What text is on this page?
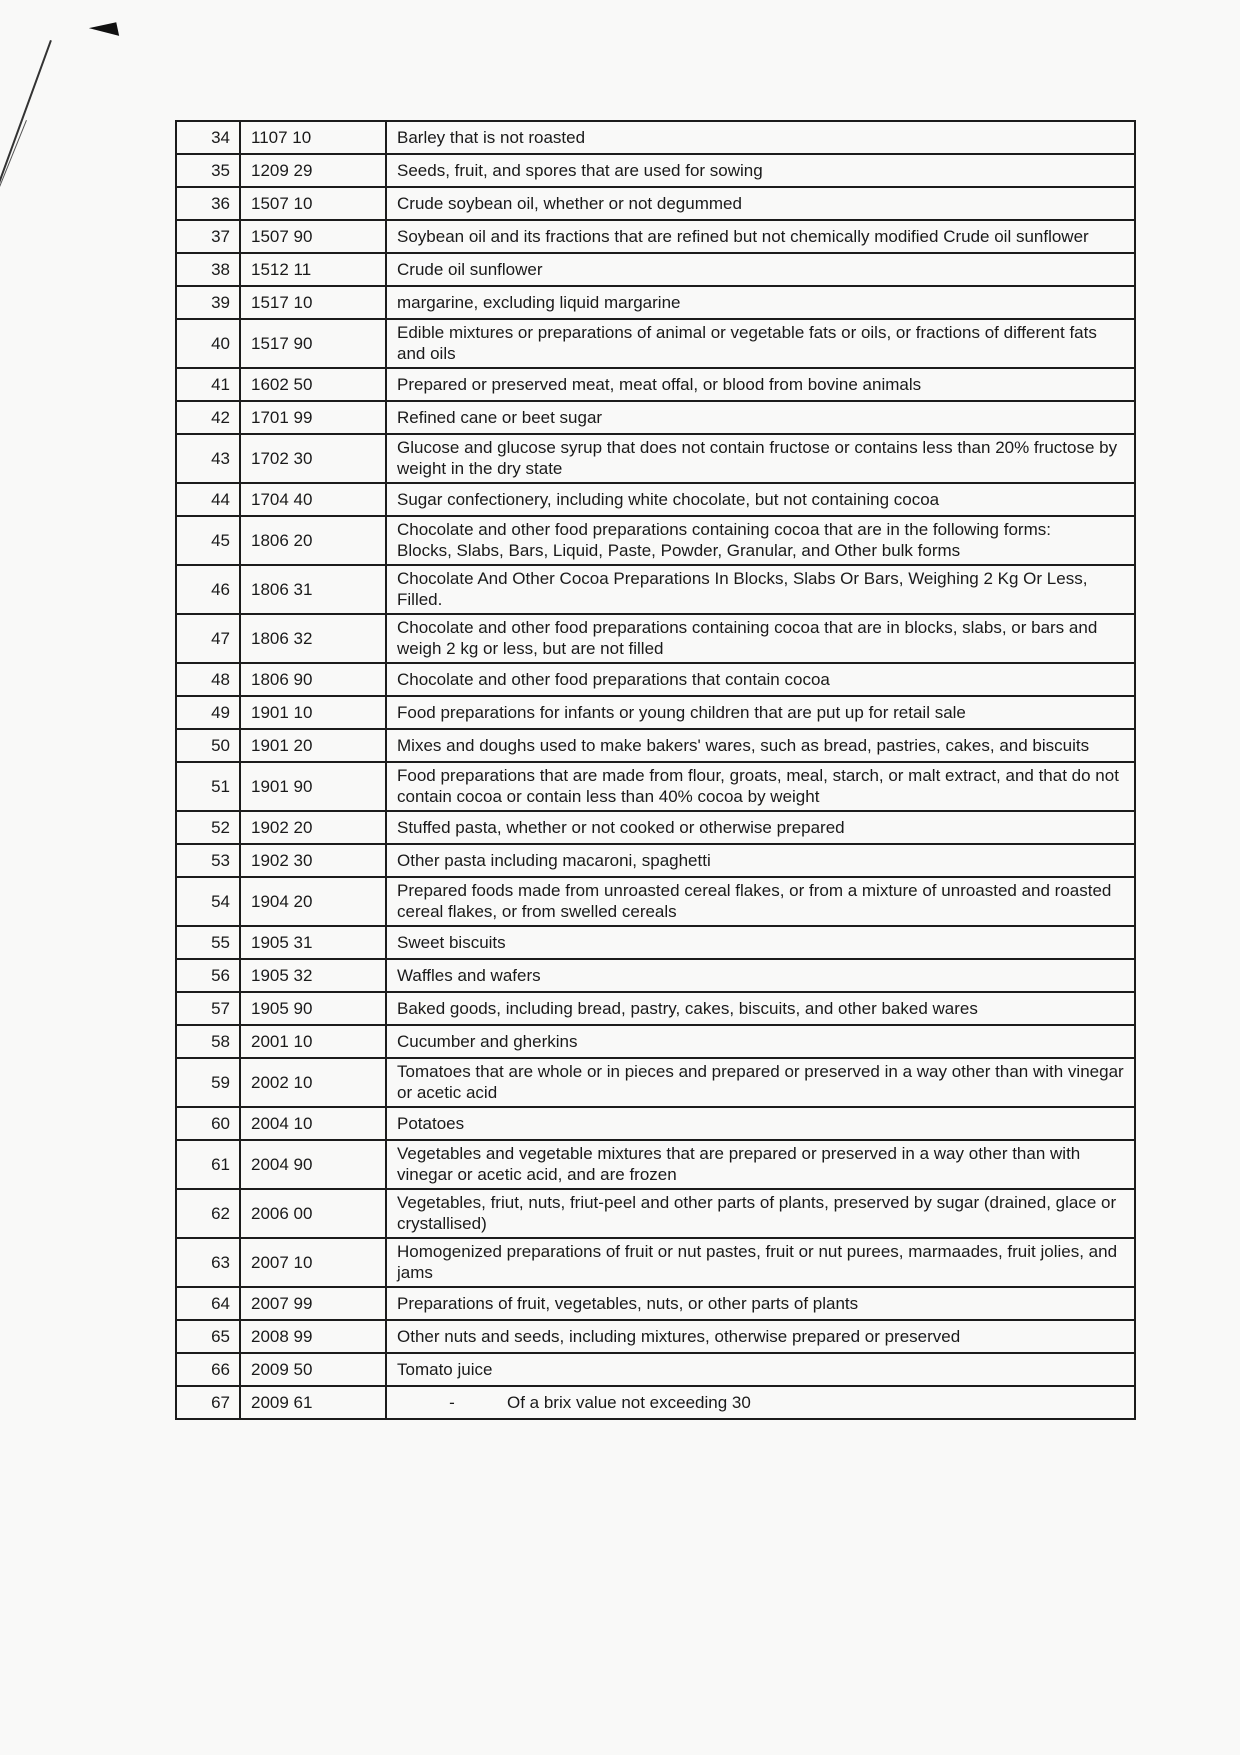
34	1107 10	Barley that is not roasted
35	1209 29	Seeds, fruit, and spores that are used for sowing
36	1507 10	Crude soybean oil, whether or not degummed
37	1507 90	Soybean oil and its fractions that are refined but not chemically modified Crude oil sunflower
38	1512 11	Crude oil sunflower
39	1517 10	margarine, excluding liquid margarine
40	1517 90	Edible mixtures or preparations of animal or vegetable fats or oils, or fractions of different fats and oils
41	1602 50	Prepared or preserved meat, meat offal, or blood from bovine animals
42	1701 99	Refined cane or beet sugar
43	1702 30	Glucose and glucose syrup that does not contain fructose or contains less than 20% fructose by weight in the dry state
44	1704 40	Sugar confectionery, including white chocolate, but not containing cocoa
45	1806 20	Chocolate and other food preparations containing cocoa that are in the following forms:
Blocks, Slabs, Bars, Liquid, Paste, Powder, Granular, and Other bulk forms
46	1806 31	Chocolate And Other Cocoa Preparations In Blocks, Slabs Or Bars, Weighing 2 Kg Or Less, Filled.
47	1806 32	Chocolate and other food preparations containing cocoa that are in blocks, slabs, or bars and weigh 2 kg or less, but are not filled
48	1806 90	Chocolate and other food preparations that contain cocoa
49	1901 10	Food preparations for infants or young children that are put up for retail sale
50	1901 20	Mixes and doughs used to make bakers' wares, such as bread, pastries, cakes, and biscuits
51	1901 90	Food preparations that are made from flour, groats, meal, starch, or malt extract, and that do not contain cocoa or contain less than 40% cocoa by weight
52	1902 20	Stuffed pasta, whether or not cooked or otherwise prepared
53	1902 30	Other pasta including macaroni, spaghetti
54	1904 20	Prepared foods made from unroasted cereal flakes, or from a mixture of unroasted and roasted cereal flakes, or from swelled cereals
55	1905 31	Sweet biscuits
56	1905 32	Waffles and wafers
57	1905 90	Baked goods, including bread, pastry, cakes, biscuits, and other baked wares
58	2001 10	Cucumber and gherkins
59	2002 10	Tomatoes that are whole or in pieces and prepared or preserved in a way other than with vinegar or acetic acid
60	2004 10	Potatoes
61	2004 90	Vegetables and vegetable mixtures that are prepared or preserved in a way other than with vinegar or acetic acid, and are frozen
62	2006 00	Vegetables, friut, nuts, friut-peel and other parts of plants, preserved by sugar (drained, glace or crystallised)
63	2007 10	Homogenized preparations of fruit or nut pastes, fruit or nut purees, marmaades, fruit jolies, and jams
64	2007 99	Preparations of fruit, vegetables, nuts, or other parts of plants
65	2008 99	Other nuts and seeds, including mixtures, otherwise prepared or preserved
66	2009 50	Tomato juice
67	2009 61	- Of a brix value not exceeding 30
